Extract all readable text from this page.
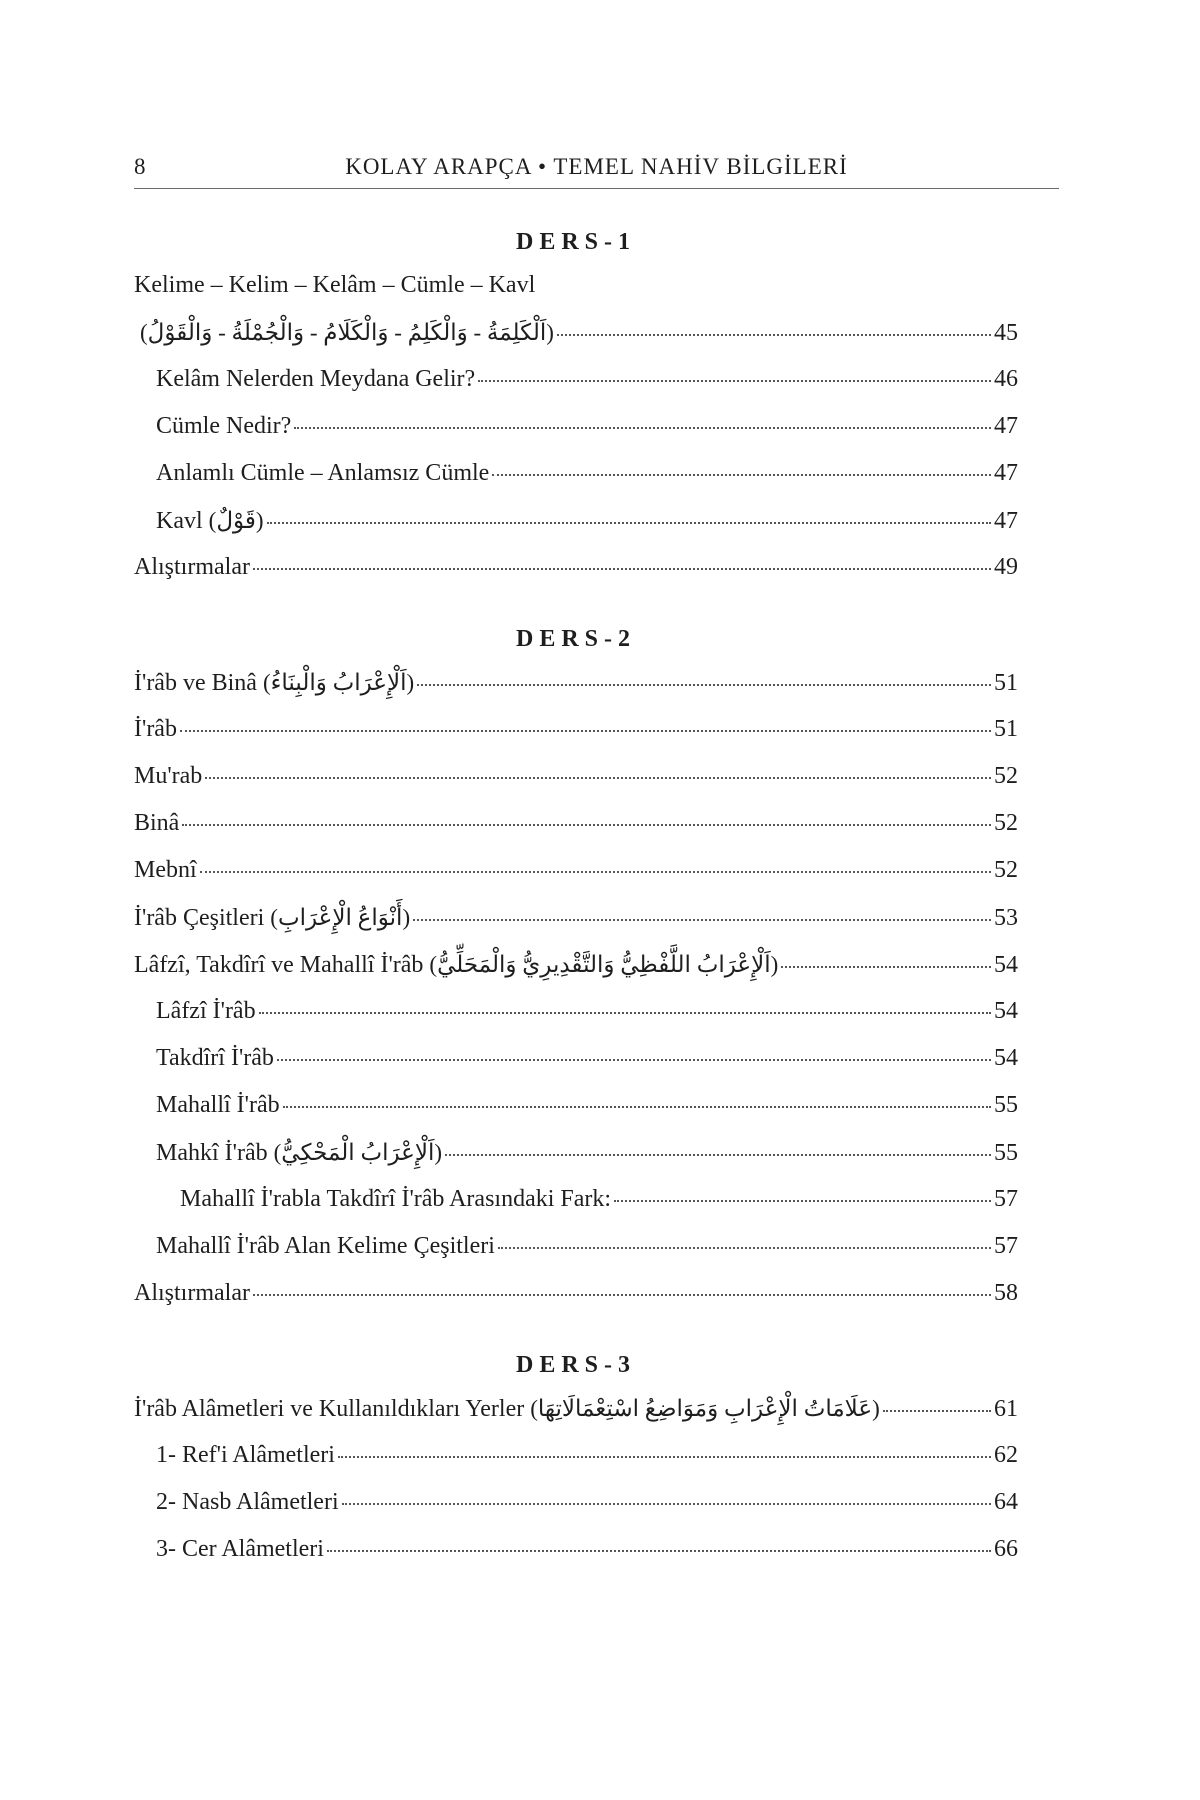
8	KOLAY ARAPÇA • TEMEL NAHİV BİLGİLERİ
DERS-1
Kelime – Kelim – Kelâm – Cümle – Kavl
(اَلْكَلِمَةُ - وَالْكَلِمُ - وَالْكَلَامُ - وَالْجُمْلَةُ - وَالْقَوْلُ)	45
Kelâm Nelerden Meydana Gelir?	46
Cümle Nedir?	47
Anlamlı Cümle – Anlamsız Cümle	47
Kavl (قَوْلٌ)	47
Alıştırmalar	49
DERS-2
İ'râb ve Binâ (اَلْإِعْرَابُ وَالْبِنَاءُ)	51
İ'râb	51
Mu'rab	52
Binâ	52
Mebnî	52
İ'râb Çeşitleri (أَنْوَاعُ الْإِعْرَابِ)	53
Lâfzî, Takdîrî ve Mahallî İ'râb (اَلْإِعْرَابُ اللَّفْظِيُّ وَالتَّقْدِيرِيُّ وَالْمَحَلِّيُّ)	54
Lâfzî İ'râb	54
Takdîrî İ'râb	54
Mahallî İ'râb	55
Mahkî İ'râb (اَلْإِعْرَابُ الْمَحْكِيُّ)	55
Mahallî İ'rabla Takdîrî İ'râb Arasındaki Fark:	57
Mahallî İ'râb Alan Kelime Çeşitleri	57
Alıştırmalar	58
DERS-3
İ'râb Alâmetleri ve Kullanıldıkları Yerler (عَلَامَاتُ الْإِعْرَابِ وَمَوَاضِعُ اسْتِعْمَالَاتِهَا)	61
1- Ref'i Alâmetleri	62
2- Nasb Alâmetleri	64
3- Cer Alâmetleri	66
